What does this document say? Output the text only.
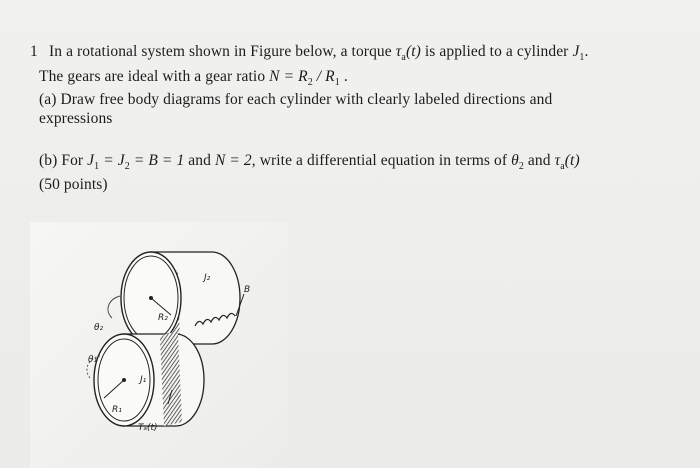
1 In a rotational system shown in Figure below, a torque $\tau_a(t)$ is applied to a cylinder $J_1$.
The gears are ideal with a gear ratio $N = R_2 / R_1$ .
(a) Draw free body diagrams for each cylinder with clearly labeled directions and
expressions
(b) For $J_1 = J_2 = B = 1$ and N = 2, write a differential equation in terms of $\theta_2$ and $\tau_a(t)$
(50 points)
J₂
B
R₂
θ₂
θ₁
J₁
R₁
Tₐ(t)
